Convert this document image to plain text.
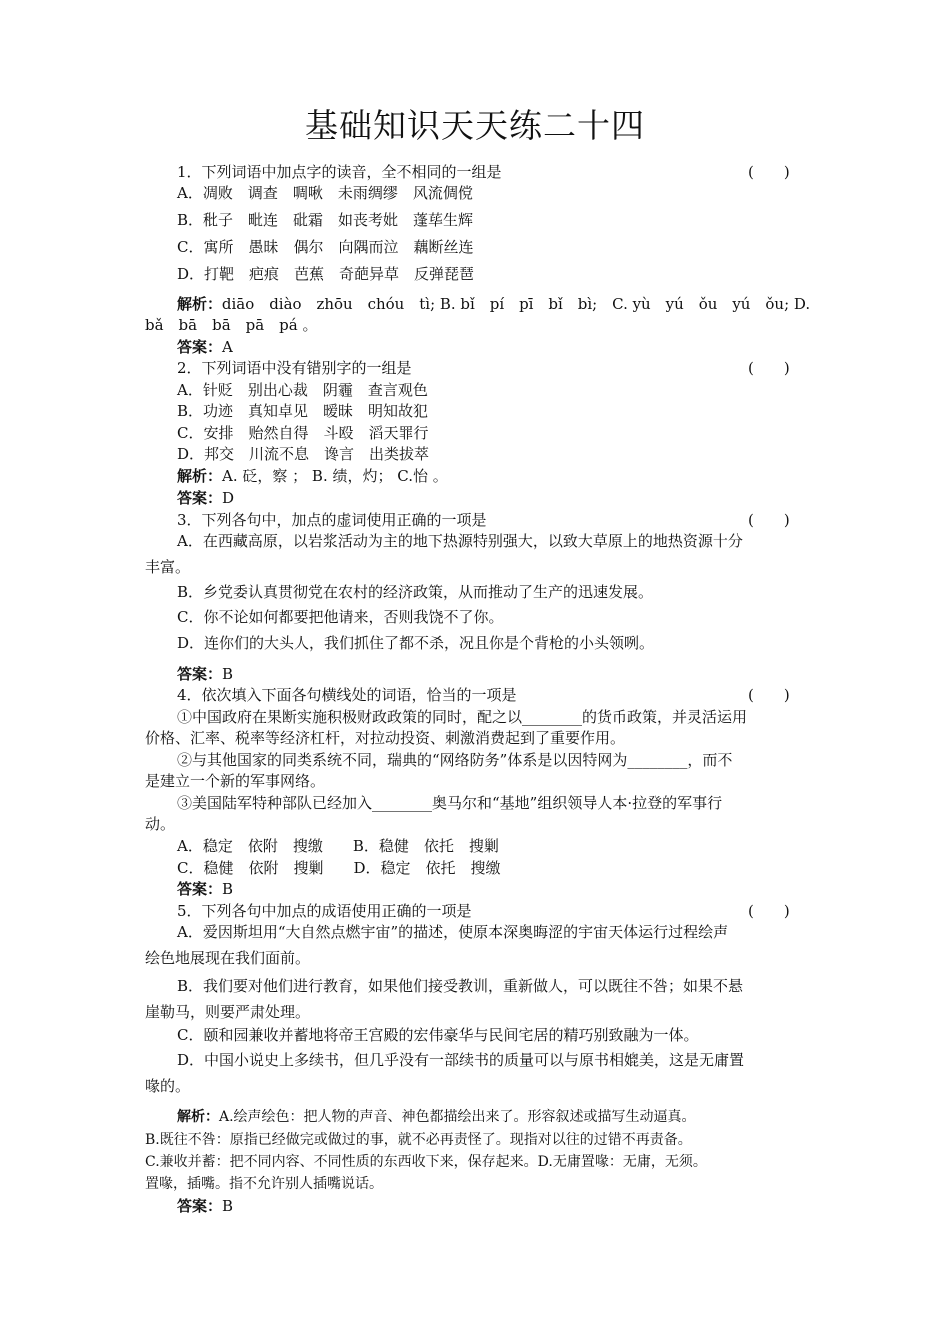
基础知识天天练二十四
1．下列词语中加点字的读音，全不相同的一组是	(　　)
A．凋败　调查　啁啾　未雨绸缪　风流倜傥
B．秕子　毗连　砒霜　如丧考妣　蓬荜生辉
C．寓所　愚昧　偶尔　向隅而泣　藕断丝连
D．打靶　疤痕　芭蕉　奇葩异草　反弹琵琶
解析：diāo　diào　zhōu　chóu　tì; B. bǐ　pí　pī　bǐ　bì;　C. yù　yú　ǒu　yú　ǒu; D.
bǎ　bā　bā　pā　pá 。
答案：A
2．下列词语中没有错别字的一组是	(　　)
A．针贬　别出心裁　阴霾　查言观色
B．功迹　真知卓见　暧昧　明知故犯
C．安排　贻然自得　斗殴　滔天罪行
D．邦交　川流不息　谗言　出类拔萃
解析：A. 砭，察 ； B. 绩，灼； C.怡 。
答案：D
3．下列各句中，加点的虚词使用正确的一项是	(　　)
A．在西藏高原，以岩浆活动为主的地下热源特别强大，以致大草原上的地热资源十分
丰富。
B．乡党委认真贯彻党在农村的经济政策，从而推动了生产的迅速发展。
C．你不论如何都要把他请来，否则我饶不了你。
D．连你们的大头人，我们抓住了都不杀，况且你是个背枪的小头领咧。
答案：B
4．依次填入下面各句横线处的词语，恰当的一项是	(　　)
①中国政府在果断实施积极财政政策的同时，配之以________的货币政策，并灵活运用
价格、汇率、税率等经济杠杆，对拉动投资、刺激消费起到了重要作用。
②与其他国家的同类系统不同，瑞典的“网络防务”体系是以因特网为________，而不
是建立一个新的军事网络。
③美国陆军特种部队已经加入________奥马尔和“基地”组织领导人本·拉登的军事行
动。
A．稳定　依附　搜缴　　B．稳健　依托　搜剿
C．稳健　依附　搜剿　　D．稳定　依托　搜缴
答案：B
5．下列各句中加点的成语使用正确的一项是	(　　)
A．爱因斯坦用“大自然点燃宇宙”的描述，使原本深奥晦涩的宇宙天体运行过程绘声
绘色地展现在我们面前。
B．我们要对他们进行教育，如果他们接受教训，重新做人，可以既往不咎；如果不悬
崖勒马，则要严肃处理。
C．颐和园兼收并蓄地将帝王宫殿的宏伟豪华与民间宅居的精巧别致融为一体。
D．中国小说史上多续书，但几乎没有一部续书的质量可以与原书相媲美，这是无庸置
喙的。
解析：A.绘声绘色：把人物的声音、神色都描绘出来了。形容叙述或描写生动逼真。
B.既往不咎：原指已经做完或做过的事，就不必再责怪了。现指对以往的过错不再责备。
C.兼收并蓄：把不同内容、不同性质的东西收下来，保存起来。D.无庸置喙：无庸，无须。
置喙，插嘴。指不允许别人插嘴说话。
答案：B
